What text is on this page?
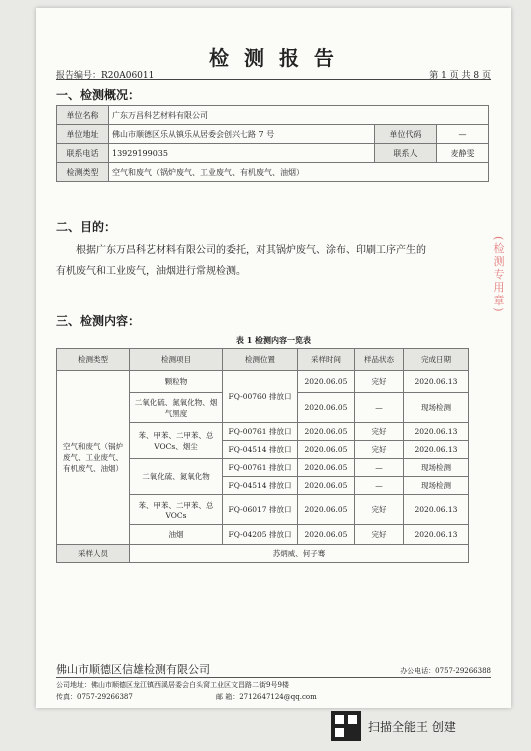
检 测 报 告
报告编号：R20A06011	第 1 页 共 8 页
一、检测概况：
单位名称	广东万昌科艺材料有限公司		
单位地址	佛山市顺德区乐从镇乐从居委会创兴七路 7 号	单位代码	—
联系电话	13929199035	联系人	麦静雯
检测类型	空气和废气（锅炉废气、工业废气、有机废气、油烟）		
二、目的：
根据广东万昌科艺材料有限公司的委托，对其锅炉废气、涂布、印刷工序产生的
有机废气和工业废气，油烟进行常规检测。
三、检测内容：
表 1 检测内容一览表
检测类型	检测项目	检测位置	采样时间	样品状态	完成日期
空气和废气（锅炉废气、工业废气、有机废气、油烟）	颗粒物	FQ-00760 排放口	2020.06.05	完好	2020.06.13
	二氧化硫、氮氧化物、烟气黑度		2020.06.05	—	现场检测
	苯、甲苯、二甲苯、总 VOCs、烟尘	FQ-00761 排放口	2020.06.05	完好	2020.06.13
		FQ-04514 排放口	2020.06.05	完好	2020.06.13
	二氧化硫、氮氧化物	FQ-00761 排放口	2020.06.05	—	现场检测
		FQ-04514 排放口	2020.06.05	—	现场检测
	苯、甲苯、二甲苯、总 VOCs	FQ-06017 排放口	2020.06.05	完好	2020.06.13
	油烟	FQ-04205 排放口	2020.06.05	完好	2020.06.13
采样人员	苏炳威、何子骞				
(检测专用章)
佛山市顺德区信雄检测有限公司	办公电话：0757-29266388
公司地址：佛山市顺德区龙江镇西溪居委会白头窝工业区文昌路二街9号9楼
传真：0757-29266387	邮 箱：2712647124@qq.com
扫描全能王 创建
